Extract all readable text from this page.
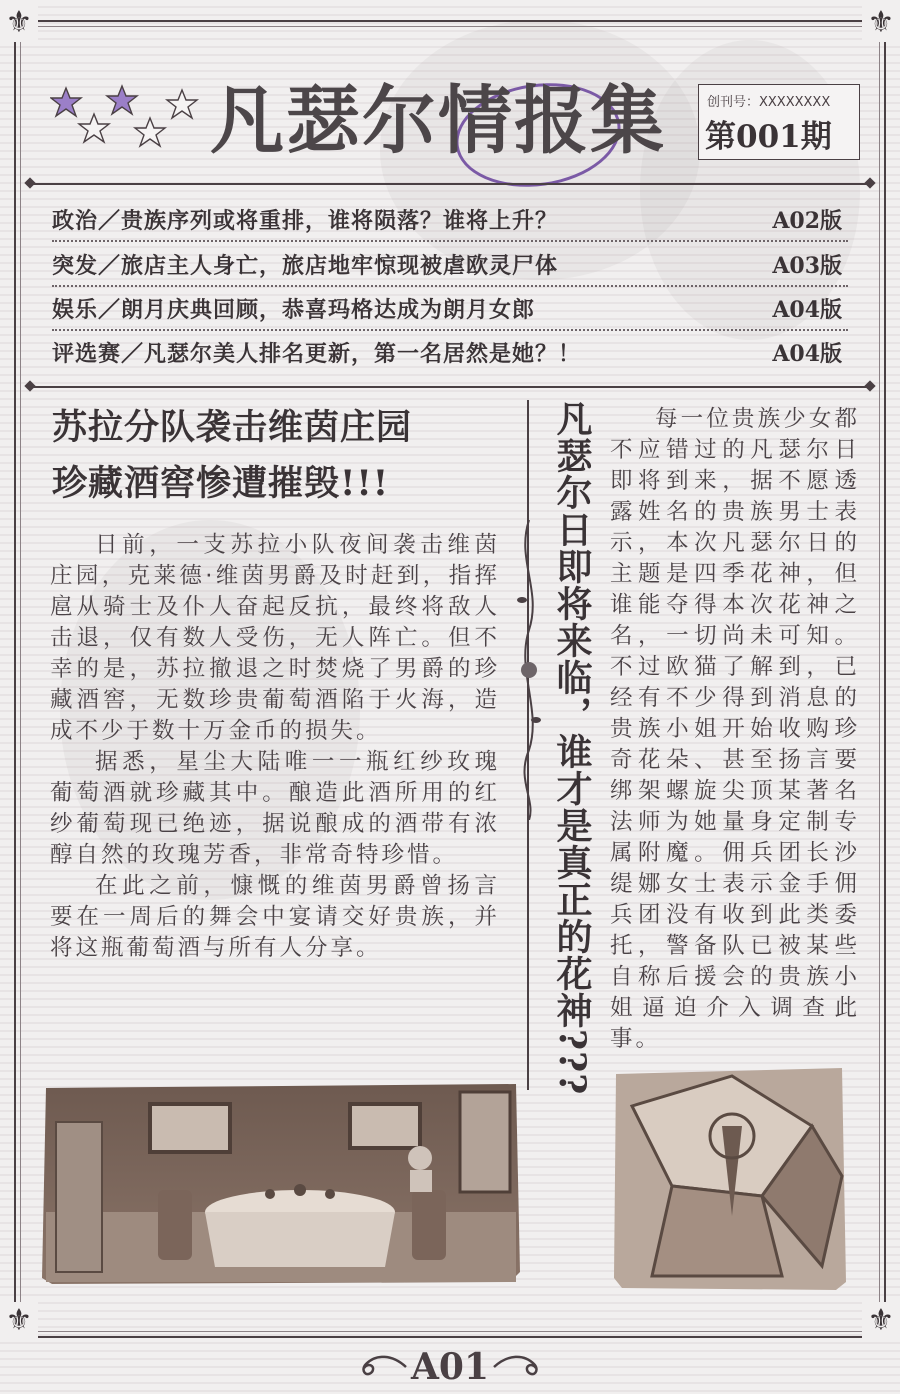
⚜	⚜
⚜	⚜
凡瑟尔情报集	创刊号：XXXXXXXX
第001期
政治／贵族序列或将重排，谁将陨落？谁将上升？	A02版
突发／旅店主人身亡，旅店地牢惊现被虐欧灵尸体	A03版
娱乐／朗月庆典回顾，恭喜玛格达成为朗月女郎	A04版
评选赛／凡瑟尔美人排名更新，第一名居然是她？！	A04版
苏拉分队袭击维茵庄园
珍藏酒窖惨遭摧毁!!!

日前，一支苏拉小队夜间袭击维茵庄园，克莱德·维茵男爵及时赶到，指挥扈从骑士及仆人奋起反抗，最终将敌人击退，仅有数人受伤，无人阵亡。但不幸的是，苏拉撤退之时焚烧了男爵的珍藏酒窖，无数珍贵葡萄酒陷于火海，造成不少于数十万金币的损失。

据悉，星尘大陆唯一一瓶红纱玫瑰葡萄酒就珍藏其中。酿造此酒所用的红纱葡萄现已绝迹，据说酿成的酒带有浓醇自然的玫瑰芳香，非常奇特珍惜。

在此之前，慷慨的维茵男爵曾扬言要在一周后的舞会中宴请交好贵族，并将这瓶葡萄酒与所有人分享。	凡瑟尔日即将来临，谁才是真正的花神???	每一位贵族少女都不应错过的凡瑟尔日即将到来，据不愿透露姓名的贵族男士表示，本次凡瑟尔日的主题是四季花神，但谁能夺得本次花神之名，一切尚未可知。不过欧猫了解到，已经有不少得到消息的贵族小姐开始收购珍奇花朵、甚至扬言要绑架螺旋尖顶某著名法师为她量身定制专属附魔。佣兵团长沙缇娜女士表示金手佣兵团没有收到此类委托，警备队已被某些自称后援会的贵族小姐逼迫介入调查此事。

A01
